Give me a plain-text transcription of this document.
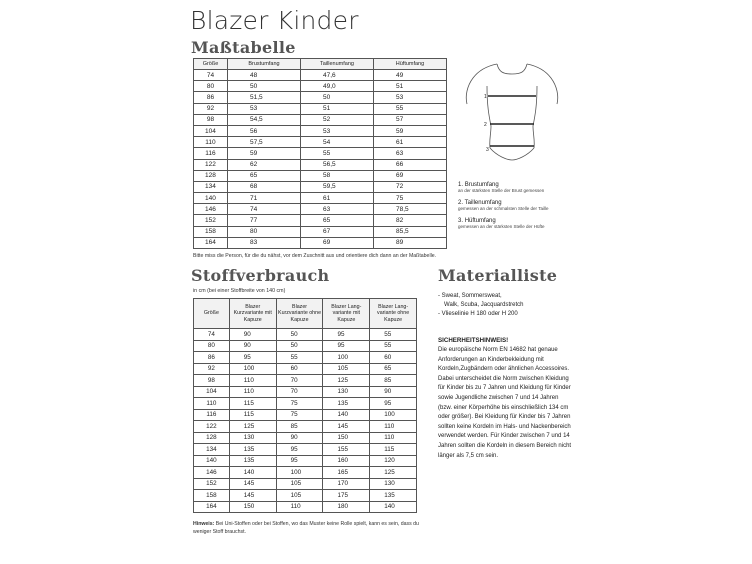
Blazer Kinder
Maßtabelle
Größe	Brustumfang	Taillenumfang	Hüftumfang
74	48	47,6	49
80	50	49,0	51
86	51,5	50	53
92	53	51	55
98	54,5	52	57
104	56	53	59
110	57,5	54	61
116	59	55	63
122	62	56,5	66
128	65	58	69
134	68	59,5	72
140	71	61	75
146	74	63	78,5
152	77	65	82
158	80	67	85,5
164	83	69	89
Bitte miss die Person, für die du nähst, vor dem Zuschnitt aus und orientiere dich dann an der Maßtabelle.
1
2
3
1. Brustumfang
an der stärksten Stelle der Brust gemessen
2. Taillenumfang
gemessen an der schmalsten Stelle der Taille
3. Hüftumfang
gemessen an der stärksten Stelle der Hüfte
Stoffverbrauch
in cm (bei einer Stoffbreite von 140 cm)
Größe	Blazer Kurzvariante mit Kapuze	Blazer Kurzvariante ohne Kapuze	Blazer Lang-variante mit Kapuze	Blazer Lang-variante ohne Kapuze
74	90	50	95	55
80	90	50	95	55
86	95	55	100	60
92	100	60	105	65
98	110	70	125	85
104	110	70	130	90
110	115	75	135	95
116	115	75	140	100
122	125	85	145	110
128	130	90	150	110
134	135	95	155	115
140	135	95	160	120
146	140	100	165	125
152	145	105	170	130
158	145	105	175	135
164	150	110	180	140
Hinweis: Bei Uni-Stoffen oder bei Stoffen, wo das Muster keine Rolle spielt, kann es sein, dass du weniger Stoff brauchst.
Materialliste
- Sweat, Sommersweat,
Walk, Scuba, Jacquardstretch
- Vlieselinie H 180 oder H 200
SICHERHEITSHINWEIS!
Die europäische Norm EN 14682 hat genaue Anforderungen an Kinderbekleidung mit Kordeln,Zugbändern oder ähnlichen Accessoires. Dabei unterscheidet die Norm zwischen Kleidung für Kinder bis zu 7 Jahren und Kleidung für Kinder sowie Jugendliche zwischen 7 und 14 Jahren (bzw. einer Körperhöhe bis einschließlich 134 cm oder größer). Bei Kleidung für Kinder bis 7 Jahren sollten keine Kordeln im Hals- und Nackenbereich verwendet werden. Für Kinder zwischen 7 und 14 Jahren sollten die Kordeln in diesem Bereich nicht länger als 7,5 cm sein.
